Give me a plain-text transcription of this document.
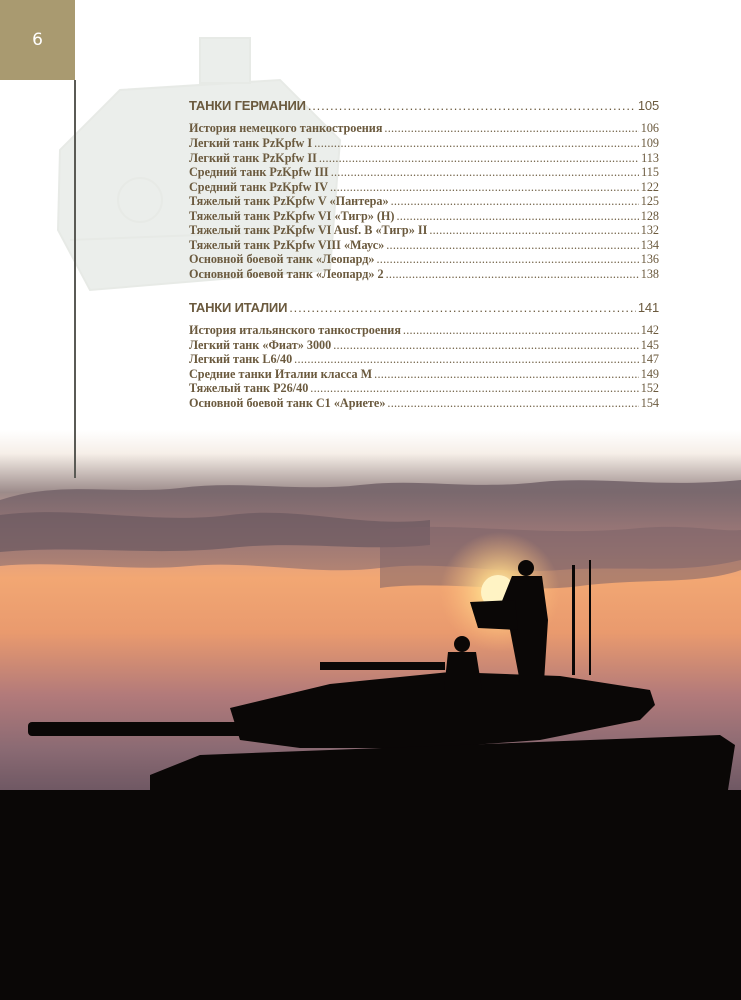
6
ТАНКИ ГЕРМАНИИ . . .	105
История немецкого танкостроения . . .	106
Легкий танк PzKpfw I . . .	109
Легкий танк PzKpfw II . . .	113
Средний танк PzKpfw III . . .	115
Средний танк PzKpfw IV . . .	122
Тяжелый танк PzKpfw V «Пантера» . . .	125
Тяжелый танк PzKpfw VI «Тигр» (Н) . . .	128
Тяжелый танк PzKpfw VI Ausf. В «Тигр» II . . .	132
Тяжелый танк PzKpfw VIII «Маус» . . .	134
Основной боевой танк «Леопард» . . .	136
Основной боевой танк «Леопард» 2 . . .	138
ТАНКИ ИТАЛИИ . . .	141
История итальянского танкостроения . . .	142
Легкий танк «Фиат» 3000 . . .	145
Легкий танк L6/40 . . .	147
Средние танки Италии класса М . . .	149
Тяжелый танк Р26/40 . . .	152
Основной боевой танк С1 «Ариете» . . .	154
